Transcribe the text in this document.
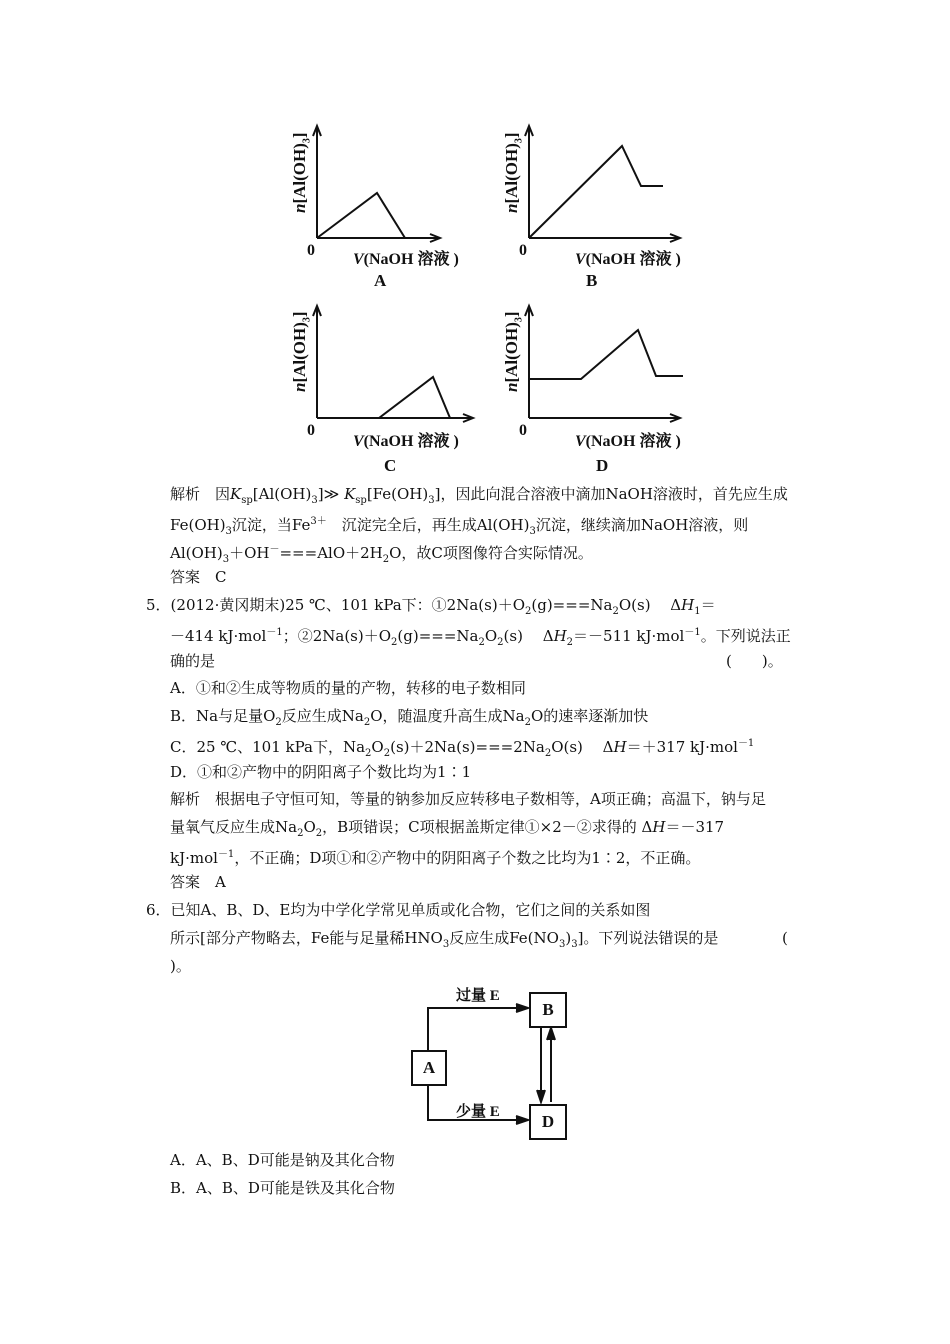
$n[Al(OH)_3]$
$n[Al(OH)_3]$
$n[Al(OH)_3]$
$n[Al(OH)_3]$
0	0
0	0
V(NaOH 溶液 )	V(NaOH 溶液 )
V(NaOH 溶液 )	V(NaOH 溶液 )
A	B
C	D
解析　因$K_{sp}[Al(OH)_3]≫$ $K_{sp}[Fe(OH)_3]$，因此向混合溶液中滴加NaOH溶液时，首先应生成
$Fe(OH)_3$沉淀，当$Fe^{3+}$　沉淀完全后，再生成$Al(OH)_3$沉淀，继续滴加NaOH溶液，则
$Al(OH)_3+OH^-===AlO+2H_2O$，故C项图像符合实际情况。
答案　C
5．(2012·黄冈期末)25 ℃、101 kPa下：$①2Na(s)+O_2(g)===Na_2O(s)$　 $\Delta H_1=$
－414 kJ·mol$^{-1}$；$②2Na(s)+O_2(g)===Na_2O_2(s)$　 $\Delta H_2=-511$ kJ·mol$^{-1}$。下列说法正
确的是	(　　)。
A．①和②生成等物质的量的产物，转移的电子数相同
B．Na与足量$O_2$反应生成$Na_2O$，随温度升高生成$Na_2O$的速率逐渐加快
C．25 ℃、101 kPa下，$Na_2O_2(s)+2Na(s)===2Na_2O(s)$　 ΔH＝＋317 kJ·mol$^{-1}$
D．①和②产物中的阴阳离子个数比均为1∶1
解析　根据电子守恒可知，等量的钠参加反应转移电子数相等，A项正确；高温下，钠与足
量氧气反应生成$Na_2O_2$，B项错误；C项根据盖斯定律①×2－②求得的 ΔH＝－317
kJ·mol$^{-1}$，不正确；D项①和②产物中的阴阳离子个数之比均为1∶2，不正确。
答案　A
6．已知A、B、D、E均为中学化学常见单质或化合物，它们之间的关系如图
所示[部分产物略去，Fe能与足量稀$HNO_3$反应生成$Fe(NO_3)_3$]。下列说法错误的是	(
)。
A
B
D
过量 E
少量 E
A．A、B、D可能是钠及其化合物
B．A、B、D可能是铁及其化合物
